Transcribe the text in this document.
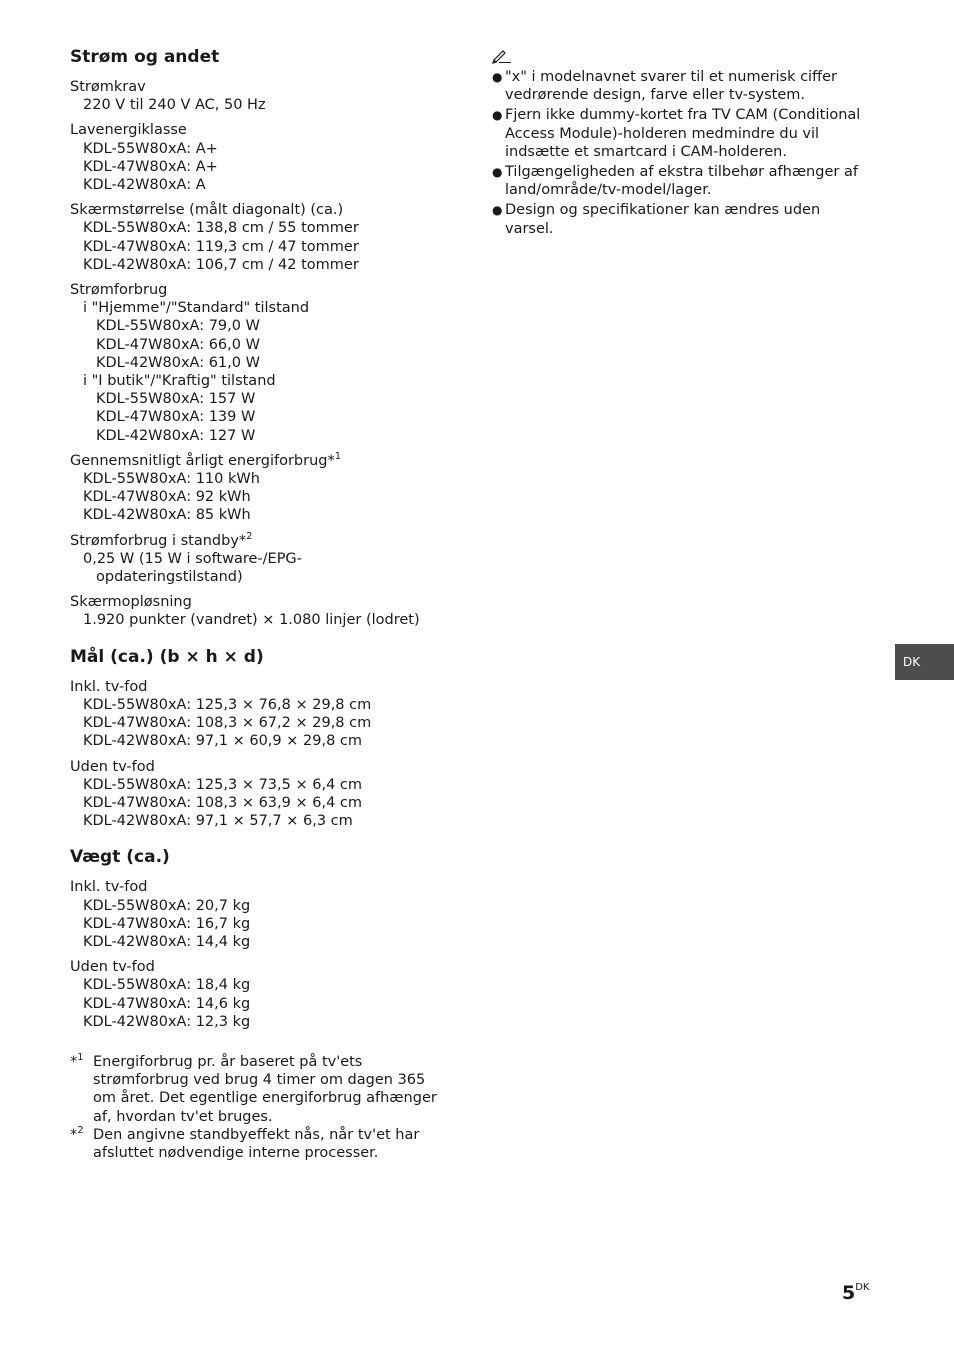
Strøm og andet
Strømkrav
220 V til 240 V AC, 50 Hz
Lavenergiklasse
KDL-55W80xA: A+
KDL-47W80xA: A+
KDL-42W80xA: A
Skærmstørrelse (målt diagonalt) (ca.)
KDL-55W80xA: 138,8 cm / 55 tommer
KDL-47W80xA: 119,3 cm / 47 tommer
KDL-42W80xA: 106,7 cm / 42 tommer
Strømforbrug
i "Hjemme"/"Standard" tilstand
KDL-55W80xA: 79,0 W
KDL-47W80xA: 66,0 W
KDL-42W80xA: 61,0 W
i "I butik"/"Kraftig" tilstand
KDL-55W80xA: 157 W
KDL-47W80xA: 139 W
KDL-42W80xA: 127 W
Gennemsnitligt årligt energiforbrug*$^1$
KDL-55W80xA: 110 kWh
KDL-47W80xA: 92 kWh
KDL-42W80xA: 85 kWh
Strømforbrug i standby*$^2$
0,25 W (15 W i software-/EPG-
opdateringstilstand)
Skærmopløsning
1.920 punkter (vandret) × 1.080 linjer (lodret)
Mål (ca.) (b × h × d)
Inkl. tv-fod
KDL-55W80xA: 125,3 × 76,8 × 29,8 cm
KDL-47W80xA: 108,3 × 67,2 × 29,8 cm
KDL-42W80xA: 97,1 × 60,9 × 29,8 cm
Uden tv-fod
KDL-55W80xA: 125,3 × 73,5 × 6,4 cm
KDL-47W80xA: 108,3 × 63,9 × 6,4 cm
KDL-42W80xA: 97,1 × 57,7 × 6,3 cm
Vægt (ca.)
Inkl. tv-fod
KDL-55W80xA: 20,7 kg
KDL-47W80xA: 16,7 kg
KDL-42W80xA: 14,4 kg
Uden tv-fod
KDL-55W80xA: 18,4 kg
KDL-47W80xA: 14,6 kg
KDL-42W80xA: 12,3 kg
*$^1$ Energiforbrug pr. år baseret på tv'ets
strømforbrug ved brug 4 timer om dagen 365
om året. Det egentlige energiforbrug afhænger
af, hvordan tv'et bruges.
*$^2$ Den angivne standbyeffekt nås, når tv'et har
afsluttet nødvendige interne processer.
● "x" i modelnavnet svarer til et numerisk ciffer
vedrørende design, farve eller tv-system.
● Fjern ikke dummy-kortet fra TV CAM (Conditional
Access Module)-holderen medmindre du vil
indsætte et smartcard i CAM-holderen.
● Tilgængeligheden af ekstra tilbehør afhænger af
land/område/tv-model/lager.
● Design og specifikationer kan ændres uden
varsel.
DK
$5^{DK}$
